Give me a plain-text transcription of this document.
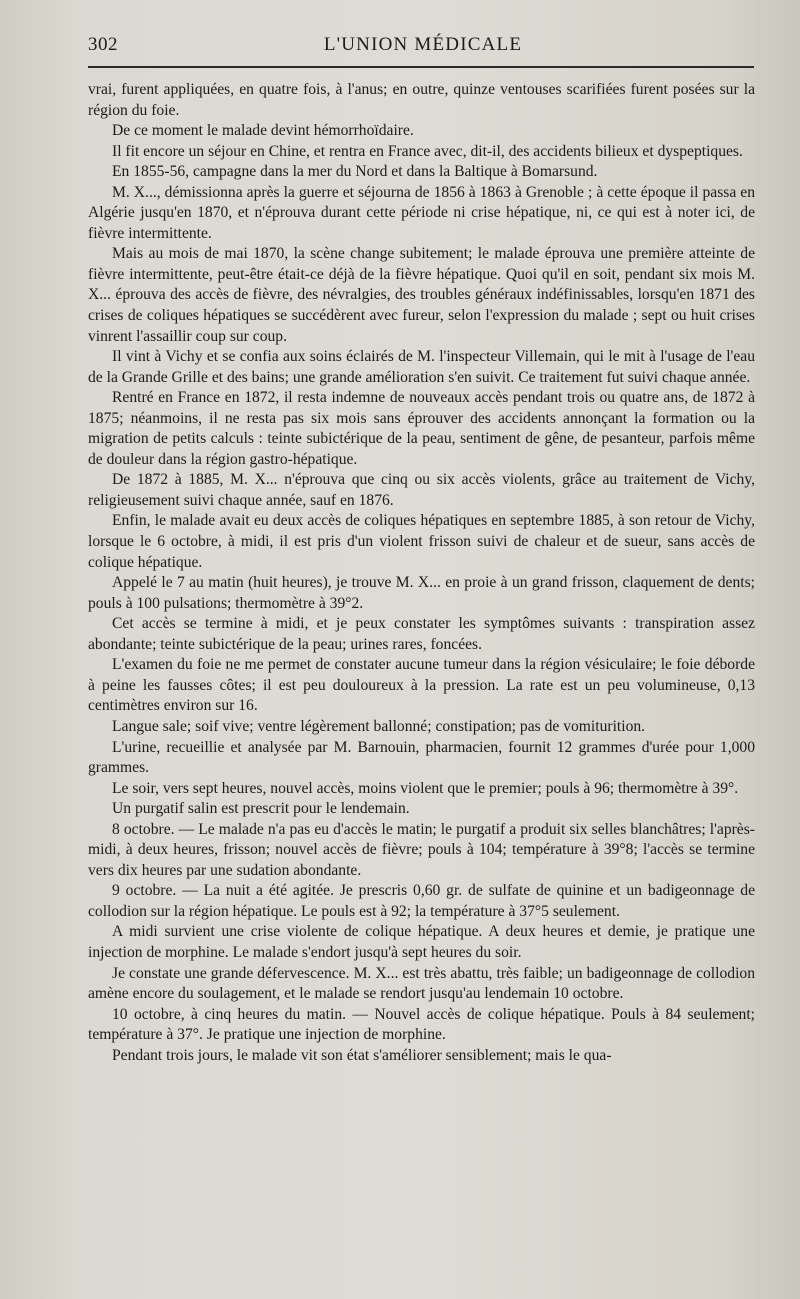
302	L'UNION MÉDICALE

vrai, furent appliquées, en quatre fois, à l'anus; en outre, quinze ventouses scarifiées furent posées sur la région du foie.

De ce moment le malade devint hémorrhoïdaire.

Il fit encore un séjour en Chine, et rentra en France avec, dit-il, des accidents bilieux et dyspeptiques.

En 1855-56, campagne dans la mer du Nord et dans la Baltique à Bomarsund.

M. X..., démissionna après la guerre et séjourna de 1856 à 1863 à Grenoble ; à cette époque il passa en Algérie jusqu'en 1870, et n'éprouva durant cette période ni crise hépatique, ni, ce qui est à noter ici, de fièvre intermittente.

Mais au mois de mai 1870, la scène change subitement; le malade éprouva une première atteinte de fièvre intermittente, peut-être était-ce déjà de la fièvre hépatique. Quoi qu'il en soit, pendant six mois M. X... éprouva des accès de fièvre, des névralgies, des troubles généraux indéfinissables, lorsqu'en 1871 des crises de coliques hépatiques se succédèrent avec fureur, selon l'expression du malade ; sept ou huit crises vinrent l'assaillir coup sur coup.

Il vint à Vichy et se confia aux soins éclairés de M. l'inspecteur Villemain, qui le mit à l'usage de l'eau de la Grande Grille et des bains; une grande amélioration s'en suivit. Ce traitement fut suivi chaque année.

Rentré en France en 1872, il resta indemne de nouveaux accès pendant trois ou quatre ans, de 1872 à 1875; néanmoins, il ne resta pas six mois sans éprouver des accidents annonçant la formation ou la migration de petits calculs : teinte subictérique de la peau, sentiment de gêne, de pesanteur, parfois même de douleur dans la région gastro-hépatique.

De 1872 à 1885, M. X... n'éprouva que cinq ou six accès violents, grâce au traitement de Vichy, religieusement suivi chaque année, sauf en 1876.

Enfin, le malade avait eu deux accès de coliques hépatiques en septembre 1885, à son retour de Vichy, lorsque le 6 octobre, à midi, il est pris d'un violent frisson suivi de chaleur et de sueur, sans accès de colique hépatique.

Appelé le 7 au matin (huit heures), je trouve M. X... en proie à un grand frisson, claquement de dents; pouls à 100 pulsations; thermomètre à 39°2.

Cet accès se termine à midi, et je peux constater les symptômes suivants : transpiration assez abondante; teinte subictérique de la peau; urines rares, foncées.

L'examen du foie ne me permet de constater aucune tumeur dans la région vésiculaire; le foie déborde à peine les fausses côtes; il est peu douloureux à la pression. La rate est un peu volumineuse, 0,13 centimètres environ sur 16.

Langue sale; soif vive; ventre légèrement ballonné; constipation; pas de vomiturition.

L'urine, recueillie et analysée par M. Barnouin, pharmacien, fournit 12 grammes d'urée pour 1,000 grammes.

Le soir, vers sept heures, nouvel accès, moins violent que le premier; pouls à 96; thermomètre à 39°.

Un purgatif salin est prescrit pour le lendemain.

8 octobre. — Le malade n'a pas eu d'accès le matin; le purgatif a produit six selles blanchâtres; l'après-midi, à deux heures, frisson; nouvel accès de fièvre; pouls à 104; température à 39°8; l'accès se termine vers dix heures par une sudation abondante.

9 octobre. — La nuit a été agitée. Je prescris 0,60 gr. de sulfate de quinine et un badigeonnage de collodion sur la région hépatique. Le pouls est à 92; la température à 37°5 seulement.

A midi survient une crise violente de colique hépatique. A deux heures et demie, je pratique une injection de morphine. Le malade s'endort jusqu'à sept heures du soir.

Je constate une grande défervescence. M. X... est très abattu, très faible; un badigeonnage de collodion amène encore du soulagement, et le malade se rendort jusqu'au lendemain 10 octobre.

10 octobre, à cinq heures du matin. — Nouvel accès de colique hépatique. Pouls à 84 seulement; température à 37°. Je pratique une injection de morphine.

Pendant trois jours, le malade vit son état s'améliorer sensiblement; mais le qua-
